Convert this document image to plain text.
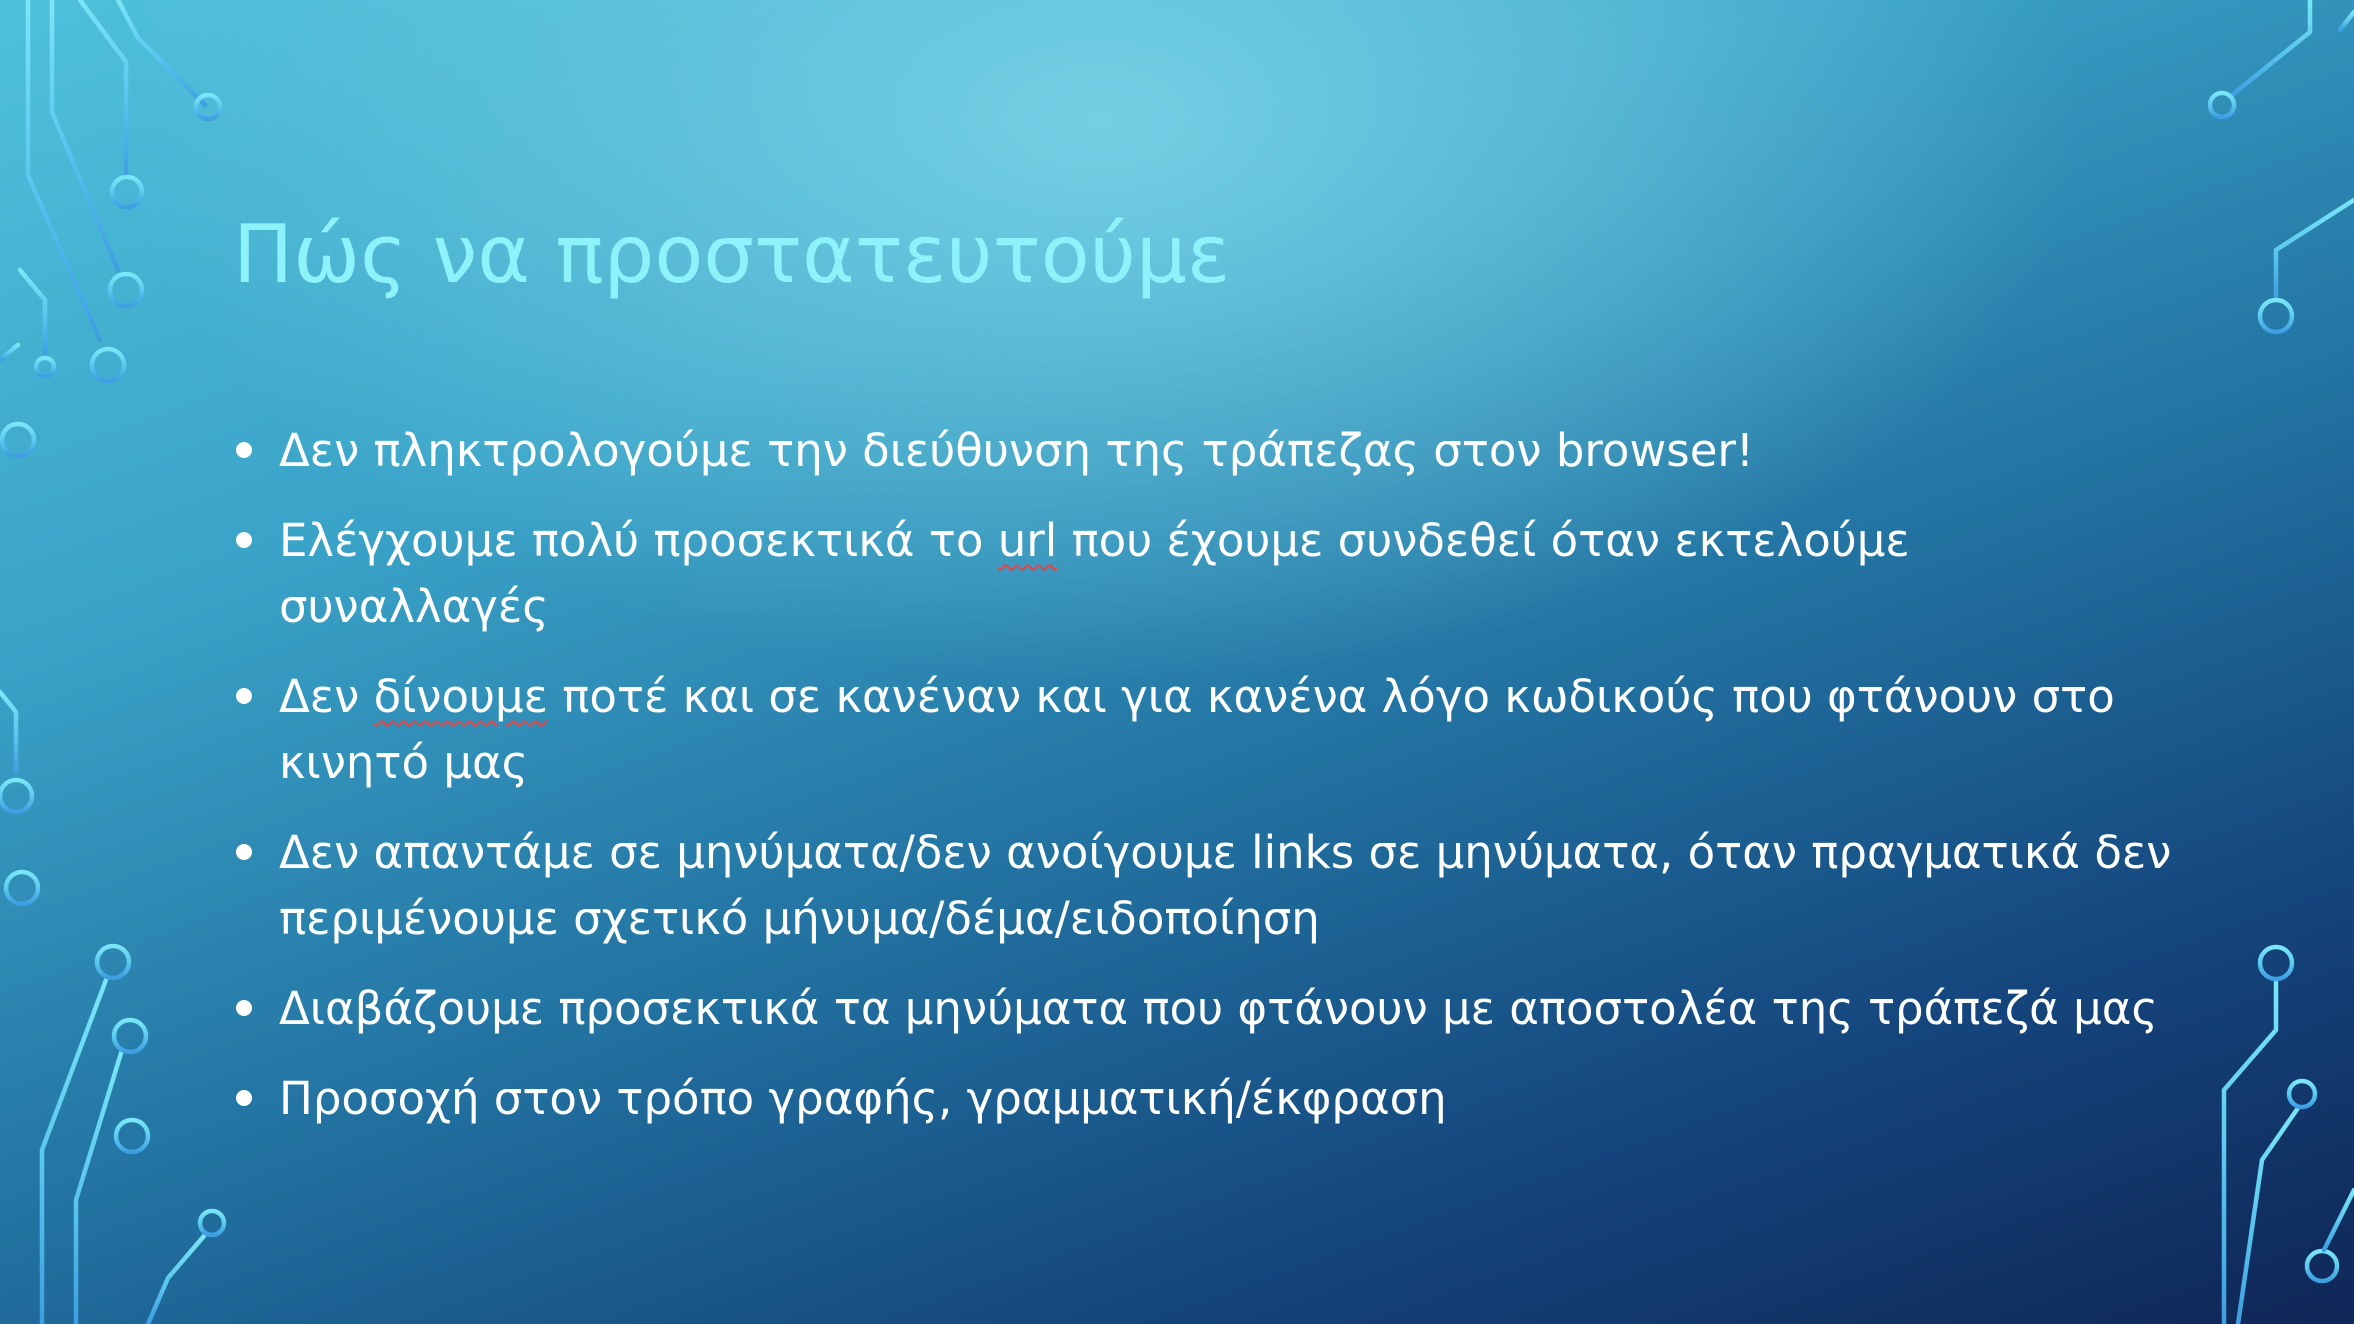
Πώς να προστατευτούμε
Δεν πληκτρολογούμε την διεύθυνση της τράπεζας στον browser!
Ελέγχουμε πολύ προσεκτικά το url που έχουμε συνδεθεί όταν εκτελούμε συναλλαγές
Δεν δίνουμε ποτέ και σε κανέναν και για κανένα λόγο κωδικούς που φτάνουν στο κινητό μας
Δεν απαντάμε σε μηνύματα/δεν ανοίγουμε links σε μηνύματα, όταν πραγματικά δεν περιμένουμε σχετικό μήνυμα/δέμα/ειδοποίηση
Διαβάζουμε προσεκτικά τα μηνύματα που φτάνουν με αποστολέα της τράπεζά μας
Προσοχή στον τρόπο γραφής, γραμματική/έκφραση
